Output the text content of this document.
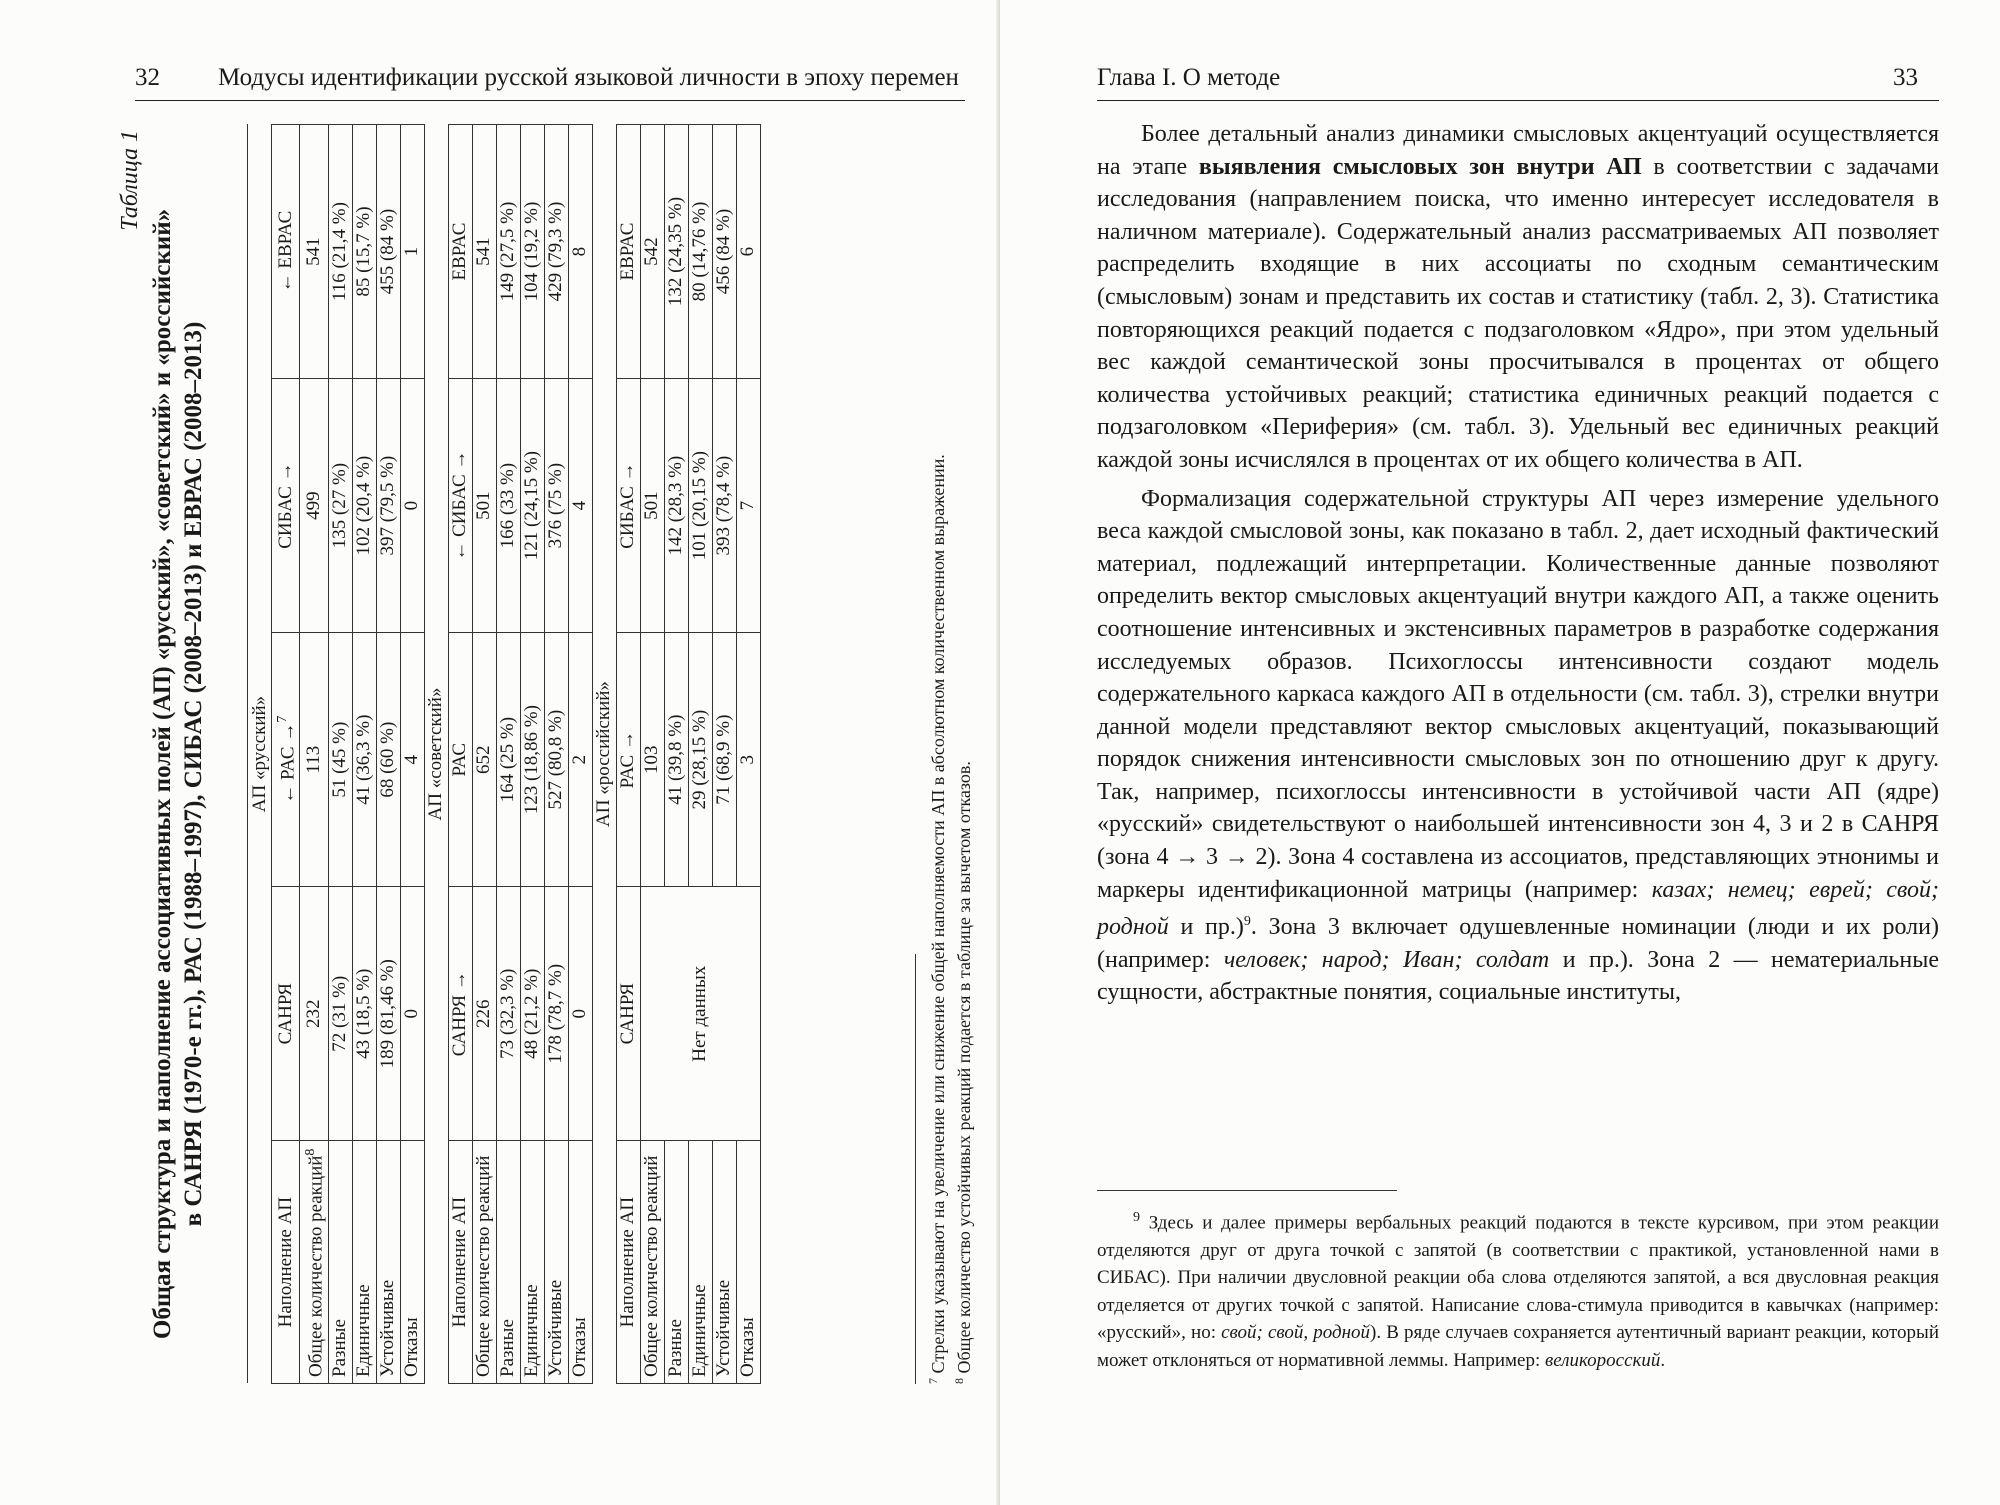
32 Модусы идентификации русской языковой личности в эпоху перемен
Таблица 1
Общая структура и наполнение ассоциативных полей (АП) «русский», «советский» и «российский» в САНРЯ (1970-е гг.), РАС (1988–1997), СИБАС (2008–2013) и ЕВРАС (2008–2013) АП «русский»				
Наполнение АП	САНРЯ	← РАС →$^7$	СИБАС →	← ЕВРАС
Общее количество реакций$^8$	232	113	499	541
Разные	72 (31 %)	51 (45 %)	135 (27 %)	116 (21,4 %)
Единичные	43 (18,5 %)	41 (36,3 %)	102 (20,4 %)	85 (15,7 %)
Устойчивые	189 (81,46 %)	68 (60 %)	397 (79,5 %)	455 (84 %)
Отказы	0	4	0	1
АП «советский»				
Наполнение АП	САНРЯ →	РАС	← СИБАС →	ЕВРАС
Общее количество реакций	226	652	501	541
Разные	73 (32,3 %)	164 (25 %)	166 (33 %)	149 (27,5 %)
Единичные	48 (21,2 %)	123 (18,86 %)	121 (24,15 %)	104 (19,2 %)
Устойчивые	178 (78,7 %)	527 (80,8 %)	376 (75 %)	429 (79,3 %)
Отказы	0	2	4	8
АП «российский»				
Наполнение АП	САНРЯ	РАС →	СИБАС →	ЕВРАС
Общее количество реакций	Нет данных	103	501	542
Разные		41 (39,8 %)	142 (28,3 %)	132 (24,35 %)
Единичные		29 (28,15 %)	101 (20,15 %)	80 (14,76 %)
Устойчивые		71 (68,9 %)	393 (78,4 %)	456 (84 %)
Отказы		3	7	6
$^7$ Стрелки указывают на увеличение или снижение общей наполняемости АП в абсолютном количественном выражении.
$^8$ Общее количество устойчивых реакций подается в таблице за вычетом отказов.
Глава I. О методе	33

Более детальный анализ динамики смысловых акцентуаций осуществляется на этапе выявления смысловых зон внутри АП в соответствии с задачами исследования (направлением поиска, что именно интересует исследователя в наличном материале). Содержательный анализ рассматриваемых АП позволяет распределить входящие в них ассоциаты по сходным семантическим (смысловым) зонам и представить их состав и статистику (табл. 2, 3). Статистика повторяющихся реакций подается с подзаголовком «Ядро», при этом удельный вес каждой семантической зоны просчитывался в процентах от общего количества устойчивых реакций; статистика единичных реакций подается с подзаголовком «Периферия» (см. табл. 3). Удельный вес единичных реакций каждой зоны исчислялся в процентах от их общего количества в АП.

Формализация содержательной структуры АП через измерение удельного веса каждой смысловой зоны, как показано в табл. 2, дает исходный фактический материал, подлежащий интерпретации. Количественные данные позволяют определить вектор смысловых акцентуаций внутри каждого АП, а также оценить соотношение интенсивных и экстенсивных параметров в разработке содержания исследуемых образов. Психоглоссы интенсивности создают модель содержательного каркаса каждого АП в отдельности (см. табл. 3), стрелки внутри данной модели представляют вектор смысловых акцентуаций, показывающий порядок снижения интенсивности смысловых зон по отношению друг к другу. Так, например, психоглоссы интенсивности в устойчивой части АП (ядре) «русский» свидетельствуют о наибольшей интенсивности зон 4, 3 и 2 в САНРЯ (зона 4 → 3 → 2). Зона 4 составлена из ассоциатов, представляющих этнонимы и маркеры идентификационной матрицы (например: казах; немец; еврей; свой; родной и пр.)$^9$. Зона 3 включает одушевленные номинации (люди и их роли) (например: человек; народ; Иван; солдат и пр.). Зона 2 — нематериальные сущности, абстрактные понятия, социальные институты,

$^9$ Здесь и далее примеры вербальных реакций подаются в тексте курсивом, при этом реакции отделяются друг от друга точкой с запятой (в соответствии с практикой, установленной нами в СИБАС). При наличии двусловной реакции оба слова отделяются запятой, а вся двусловная реакция отделяется от других точкой с запятой. Написание слова-стимула приводится в кавычках (например: «русский», но: свой; свой, родной). В ряде случаев сохраняется аутентичный вариант реакции, который может отклоняться от нормативной леммы. Например: великоросский.
